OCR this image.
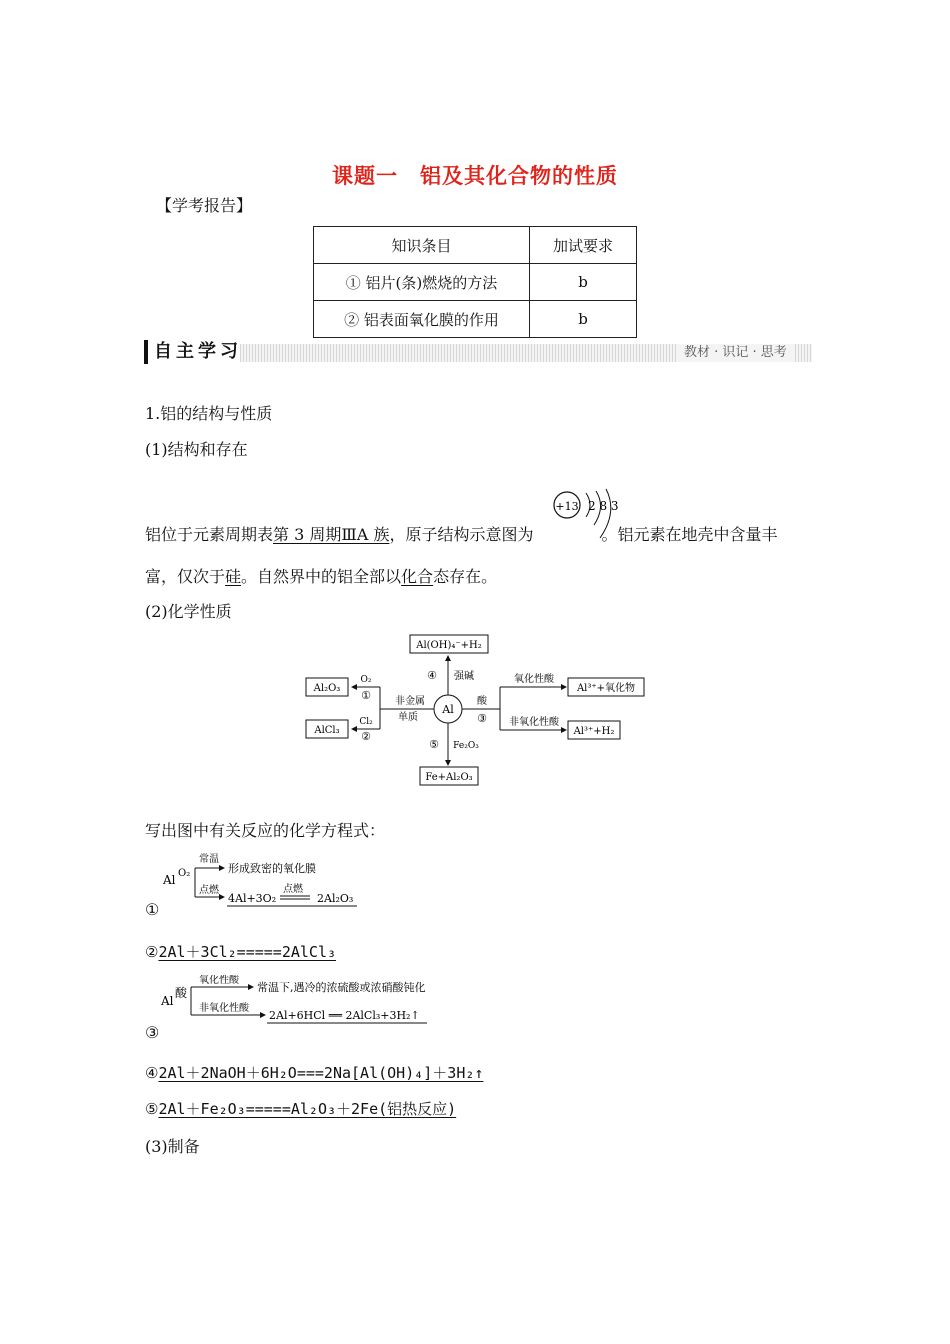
课题一　铝及其化合物的性质
【学考报告】
知识条目	加试要求
① 铝片(条)燃烧的方法	b
② 铝表面氧化膜的作用	b
自主学习	教材 · 识记 · 思考
1.铝的结构与性质
(1)结构和存在
+13 2 8 3
铝位于元素周期表第 3 周期ⅢA 族，原子结构示意图为	。铝元素在地壳中含量丰
富，仅次于硅。自然界中的铝全部以化合态存在。
(2)化学性质
Al
Al(OH)₄⁻+H₂
④ 强碱
Al₂O₃
AlCl₃
O₂
①
Cl₂
②
非金属
单质
酸
③
氧化性酸
非氧化性酸
Al³⁺+氧化物
Al³⁺+H₂
⑤ Fe₂O₃
Fe+Al₂O₃
写出图中有关反应的化学方程式：
Al O₂
常温
点燃
形成致密的氧化膜
4Al+3O₂
点燃
2Al₂O₃
①
②2Al＋3Cl₂=====2AlCl₃
Al
酸
氧化性酸
非氧化性酸
常温下,遇冷的浓硫酸或浓硝酸钝化
2Al+6HCl ══ 2AlCl₃+3H₂↑
③
④2Al＋2NaOH＋6H₂O===2Na[Al(OH)₄]＋3H₂↑
⑤2Al＋Fe₂O₃=====Al₂O₃＋2Fe(铝热反应)
(3)制备
